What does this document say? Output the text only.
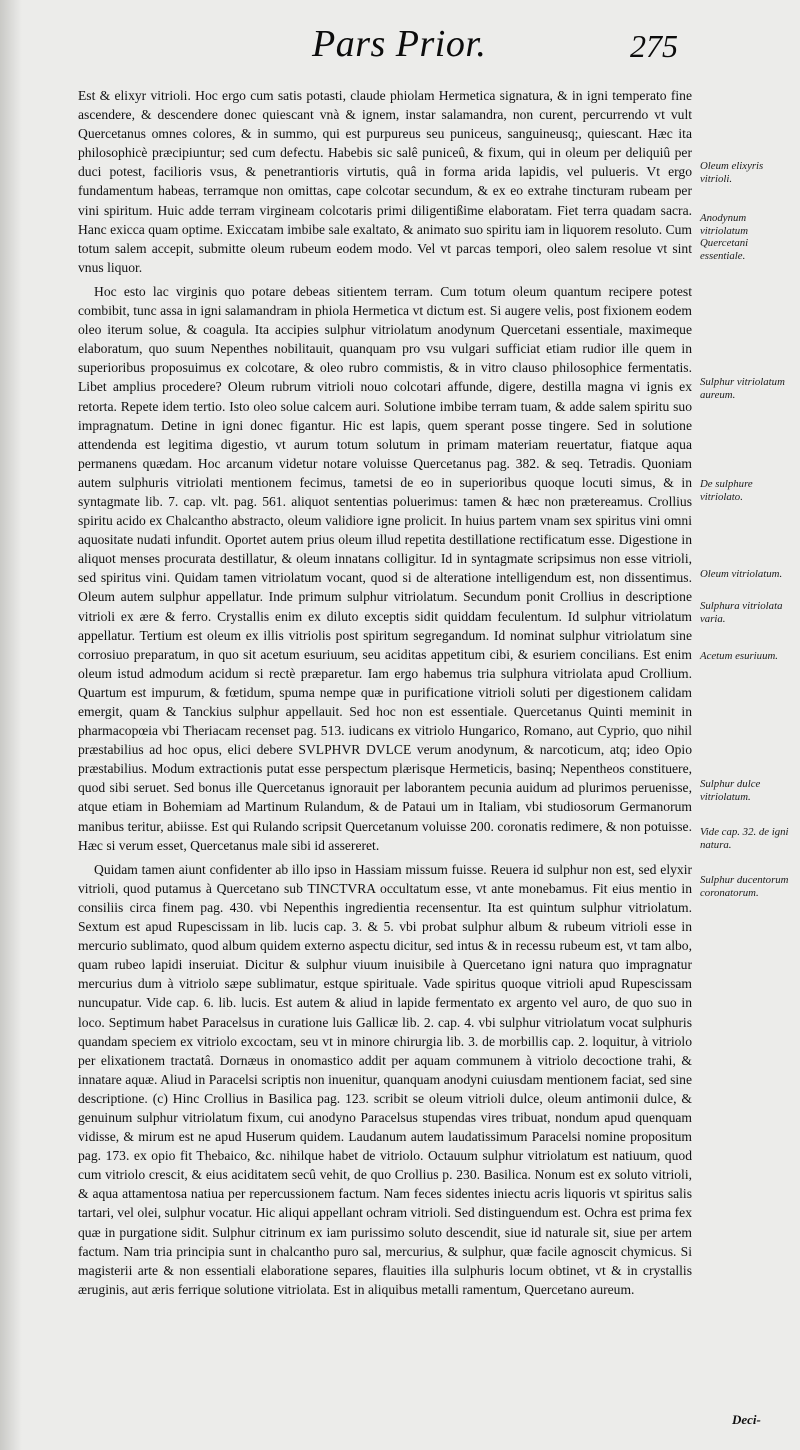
Pars Prior.	275

Est & elixyr vitrioli. Hoc ergo cum satis potasti, claude phiolam Hermetica signatura, & in igni temperato fine ascendere, & descendere donec quiescant vnà & ignem, instar salamandra, non curent, percurrendo vt vult Quercetanus omnes colores, & in summo, qui est purpureus seu puniceus, sanguineusq;, quiescant. Hæc ita philosophicè præcipiuntur; sed cum defectu. Habebis sic salê puniceû, & fixum, qui in oleum per deliquiû per duci potest, facilioris vsus, & penetrantioris virtutis, quâ in forma arida lapidis, vel pulueris. Vt ergo fundamentum habeas, terramque non omittas, cape colcotar secundum, & ex eo extrahe tincturam rubeam per vini spiritum. Huic adde terram virgineam colcotaris primi diligentißime elaboratam. Fiet terra quadam sacra. Hanc exicca quam optime. Exiccatam imbibe sale exaltato, & animato suo spiritu iam in liquorem resoluto. Cum totum salem accepit, submitte oleum rubeum eodem modo. Vel vt parcas tempori, oleo salem resolue vt sint vnus liquor.

Hoc esto lac virginis quo potare debeas sitientem terram. Cum totum oleum quantum recipere potest combibit, tunc assa in igni salamandram in phiola Hermetica vt dictum est. Si augere velis, post fixionem eodem oleo iterum solue, & coagula. Ita accipies sulphur vitriolatum anodynum Quercetani essentiale, maximeque elaboratum, quo suum Nepenthes nobilitauit, quanquam pro vsu vulgari sufficiat etiam rudior ille quem in superioribus proposuimus ex colcotare, & oleo rubro commistis, & in vitro clauso philosophice fermentatis. Libet amplius procedere? Oleum rubrum vitrioli nouo colcotari affunde, digere, destilla magna vi ignis ex retorta. Repete idem tertio. Isto oleo solue calcem auri. Solutione imbibe terram tuam, & adde salem spiritu suo impragnatum. Detine in igni donec figantur. Hic est lapis, quem sperant posse tingere. Sed in solutione attendenda est legitima digestio, vt aurum totum solutum in primam materiam reuertatur, fiatque aqua permanens quædam. Hoc arcanum videtur notare voluisse Quercetanus pag. 382. & seq. Tetradis. Quoniam autem sulphuris vitriolati mentionem fecimus, tametsi de eo in superioribus quoque locuti simus, & in syntagmate lib. 7. cap. vlt. pag. 561. aliquot sententias poluerimus: tamen & hæc non prætereamus. Crollius spiritu acido ex Chalcantho abstracto, oleum validiore igne prolicit. In huius partem vnam sex spiritus vini omni aquositate nudati infundit. Oportet autem prius oleum illud repetita destillatione rectificatum esse. Digestione in aliquot menses procurata destillatur, & oleum innatans colligitur. Id in syntagmate scripsimus non esse vitrioli, sed spiritus vini. Quidam tamen vitriolatum vocant, quod si de alteratione intelligendum est, non dissentimus. Oleum autem sulphur appellatur. Inde primum sulphur vitriolatum. Secundum ponit Crollius in descriptione vitrioli ex ære & ferro. Crystallis enim ex diluto exceptis sidit quiddam feculentum. Id sulphur vitriolatum appellatur. Tertium est oleum ex illis vitriolis post spiritum segregandum. Id nominat sulphur vitriolatum sine corrosiuo preparatum, in quo sit acetum esuriuum, seu aciditas appetitum cibi, & esuriem concilians. Est enim oleum istud admodum acidum si rectè præparetur. Iam ergo habemus tria sulphura vitriolata apud Crollium. Quartum est impurum, & fœtidum, spuma nempe quæ in purificatione vitrioli soluti per digestionem calidam emergit, quam & Tanckius sulphur appellauit. Sed hoc non est essentiale. Quercetanus Quinti meminit in pharmacopœia vbi Theriacam recenset pag. 513. iudicans ex vitriolo Hungarico, Romano, aut Cyprio, quo nihil præstabilius ad hoc opus, elici debere SVLPHVR DVLCE verum anodynum, & narcoticum, atq; ideo Opio præstabilius. Modum extractionis putat esse perspectum plærisque Hermeticis, basinq; Nepentheos constituere, quod sibi seruet. Sed bonus ille Quercetanus ignorauit per laborantem pecunia auidum ad plurimos peruenisse, atque etiam in Bohemiam ad Martinum Rulandum, & de Pataui um in Italiam, vbi studiosorum Germanorum manibus teritur, abiisse. Est qui Rulando scripsit Quercetanum voluisse 200. coronatis redimere, & non potuisse. Hæc si verum esset, Quercetanus male sibi id assereret.

Quidam tamen aiunt confidenter ab illo ipso in Hassiam missum fuisse. Reuera id sulphur non est, sed elyxir vitrioli, quod putamus à Quercetano sub TINCTVRA occultatum esse, vt ante monebamus. Fit eius mentio in consiliis circa finem pag. 430. vbi Nepenthis ingredientia recensentur. Ita est quintum sulphur vitriolatum. Sextum est apud Rupescissam in lib. lucis cap. 3. & 5. vbi probat sulphur album & rubeum vitrioli esse in mercurio sublimato, quod album quidem externo aspectu dicitur, sed intus & in recessu rubeum est, vt tam albo, quam rubeo lapidi inseruiat. Dicitur & sulphur viuum inuisibile à Quercetano igni natura quo impragnatur mercurius dum à vitriolo sæpe sublimatur, estque spirituale. Vade spiritus quoque vitrioli apud Rupescissam nuncupatur. Vide cap. 6. lib. lucis. Est autem & aliud in lapide fermentato ex argento vel auro, de quo suo in loco. Septimum habet Paracelsus in curatione luis Gallicæ lib. 2. cap. 4. vbi sulphur vitriolatum vocat sulphuris quandam speciem ex vitriolo excoctam, seu vt in minore chirurgia lib. 3. de morbillis cap. 2. loquitur, à vitriolo per elixationem tractatâ. Dornæus in onomastico addit per aquam communem à vitriolo decoctione trahi, & innatare aquæ. Aliud in Paracelsi scriptis non inuenitur, quanquam anodyni cuiusdam mentionem faciat, sed sine descriptione. (c) Hinc Crollius in Basilica pag. 123. scribit se oleum vitrioli dulce, oleum antimonii dulce, & genuinum sulphur vitriolatum fixum, cui anodyno Paracelsus stupendas vires tribuat, nondum apud quenquam vidisse, & mirum est ne apud Huserum quidem. Laudanum autem laudatissimum Paracelsi nomine propositum pag. 173. ex opio fit Thebaico, &c. nihilque habet de vitriolo. Octauum sulphur vitriolatum est natiuum, quod cum vitriolo crescit, & eius aciditatem secû vehit, de quo Crollius p. 230. Basilica. Nonum est ex soluto vitrioli, & aqua attamentosa natiua per repercussionem factum. Nam feces sidentes iniectu acris liquoris vt spiritus salis tartari, vel olei, sulphur vocatur. Hic aliqui appellant ochram vitrioli. Sed distinguendum est. Ochra est prima fex quæ in purgatione sidit. Sulphur citrinum ex iam purissimo soluto descendit, siue id naturale sit, siue per artem factum. Nam tria principia sunt in chalcantho puro sal, mercurius, & sulphur, quæ facile agnoscit chymicus. Si magisterii arte & non essentiali elaboratione separes, flauities illa sulphuris locum obtinet, vt & in crystallis æruginis, aut æris ferrique solutione vitriolata. Est in aliquibus metalli ramentum, Quercetano aureum.

Oleum elixyris vitrioli.
Anodynum vitriolatum Quercetani essentiale.
Sulphur vitriolatum aureum.
De sulphure vitriolato.
Oleum vitriolatum.
Sulphura vitriolata varia.
Acetum esuriuum.
Sulphur dulce vitriolatum.
Vide cap. 32. de igni natura.
Sulphur ducentorum coronatorum.
Deci-
